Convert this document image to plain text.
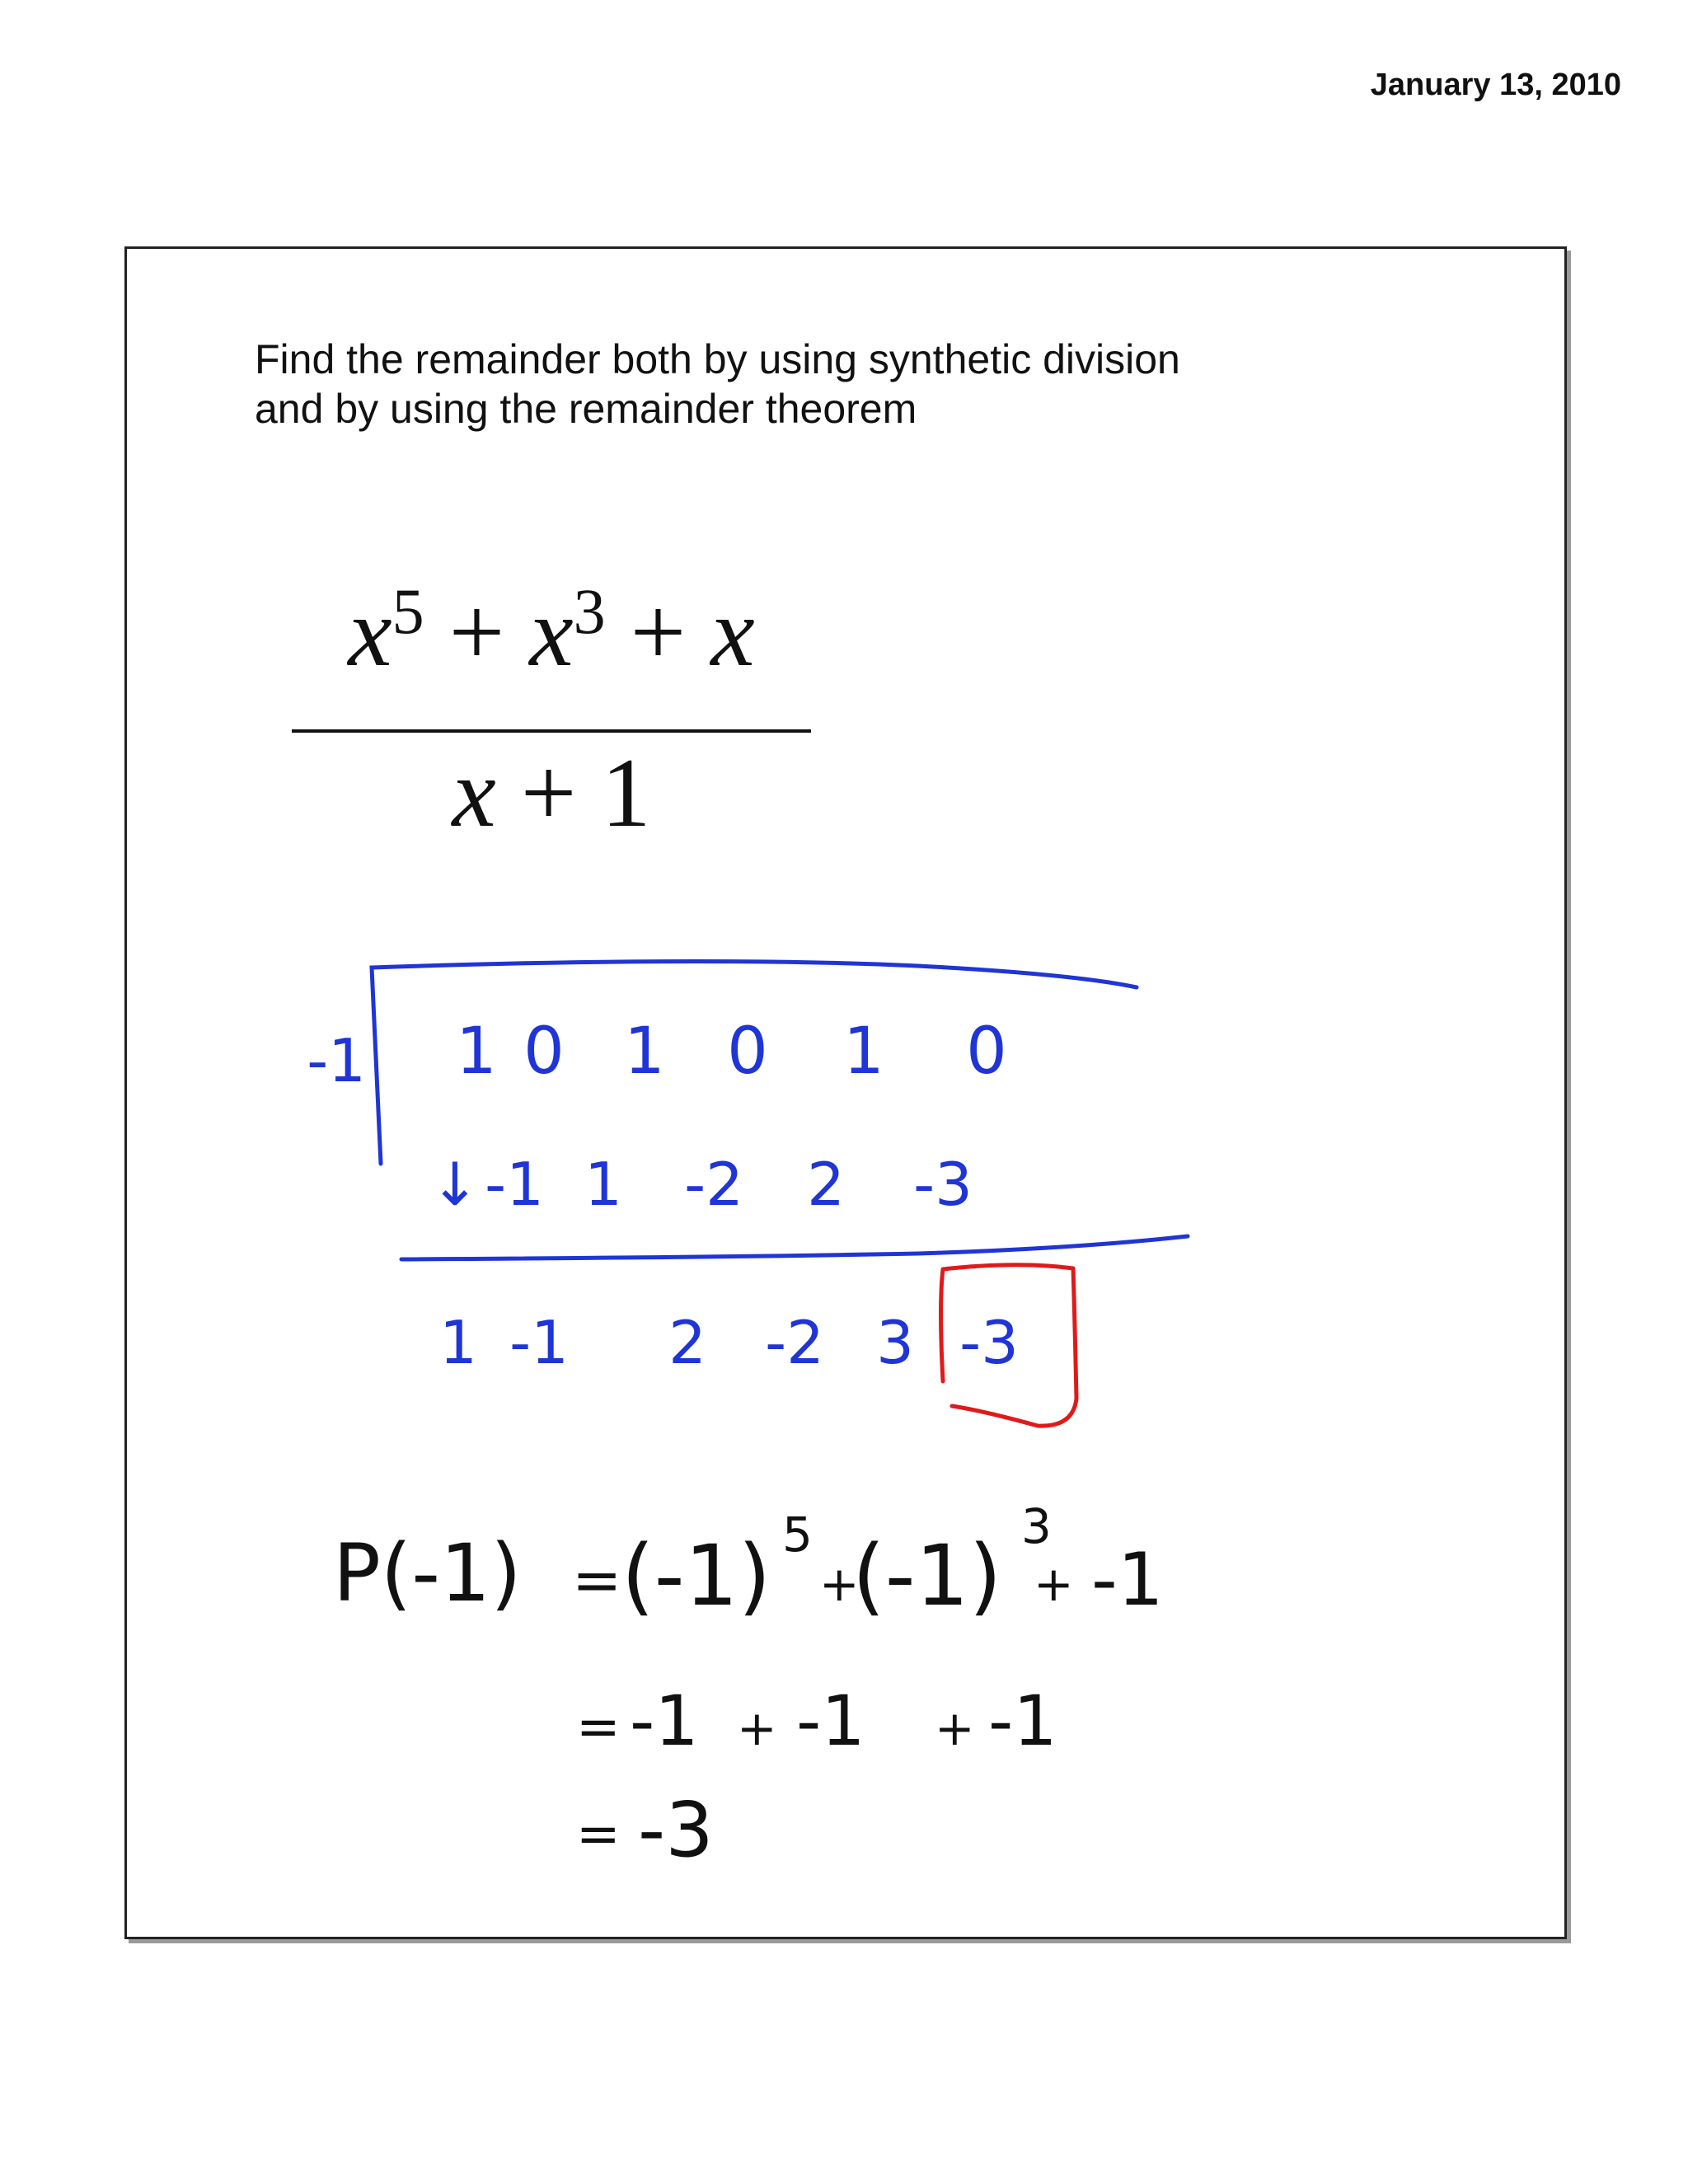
January 13, 2010
Find the remainder both by using synthetic division
and by using the remainder theorem
$x^5 + x^3 + x$
x + 1
-1 1 0 1 0 1 0
↓ -1 1 -2 2 -3
1 -1 2 -2 3 -3
P(-1) = (-1) 5
+
(-1)
3
+ -1
= -1 + -1 + -1
= -3
